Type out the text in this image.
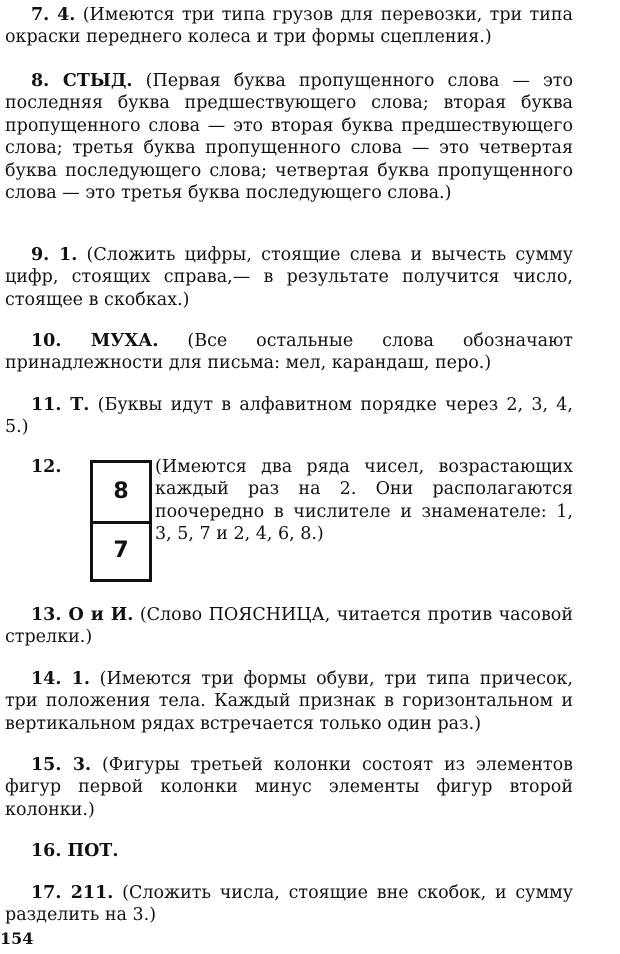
7. 4. (Имеются три типа грузов для перевозки, три типа окраски переднего колеса и три формы сцепления.)

8. СТЫД. (Первая буква пропущенного слова — это последняя буква предшествующего слова; вторая буква пропущенного слова — это вторая буква предшествующего слова; третья буква пропущенного слова — это четвертая буква последующего слова; четвертая буква пропущенного слова — это третья буква последующего слова.)

9. 1. (Сложить цифры, стоящие слева и вычесть сумму цифр, стоящих справа,— в результате получится число, стоящее в скобках.)

10. МУХА. (Все остальные слова обозначают принадлежности для письма: мел, карандаш, перо.)

11. Т. (Буквы идут в алфавитном порядке через 2, 3, 4, 5.)

12. $\frac{8}{7}$ (Имеются два ряда чисел, возрастающих каждый раз на 2. Они располагаются поочередно в числителе и знаменателе: 1, 3, 5, 7 и 2, 4, 6, 8.)

13. О и И. (Слово ПОЯСНИЦА, читается против часовой стрелки.)

14. 1. (Имеются три формы обуви, три типа причесок, три положения тела. Каждый признак в горизонтальном и вертикальном рядах встречается только один раз.)

15. 3. (Фигуры третьей колонки состоят из элементов фигур первой колонки минус элементы фигур второй колонки.)

16. ПОТ.

17. 211. (Сложить числа, стоящие вне скобок, и сумму разделить на 3.)

154
